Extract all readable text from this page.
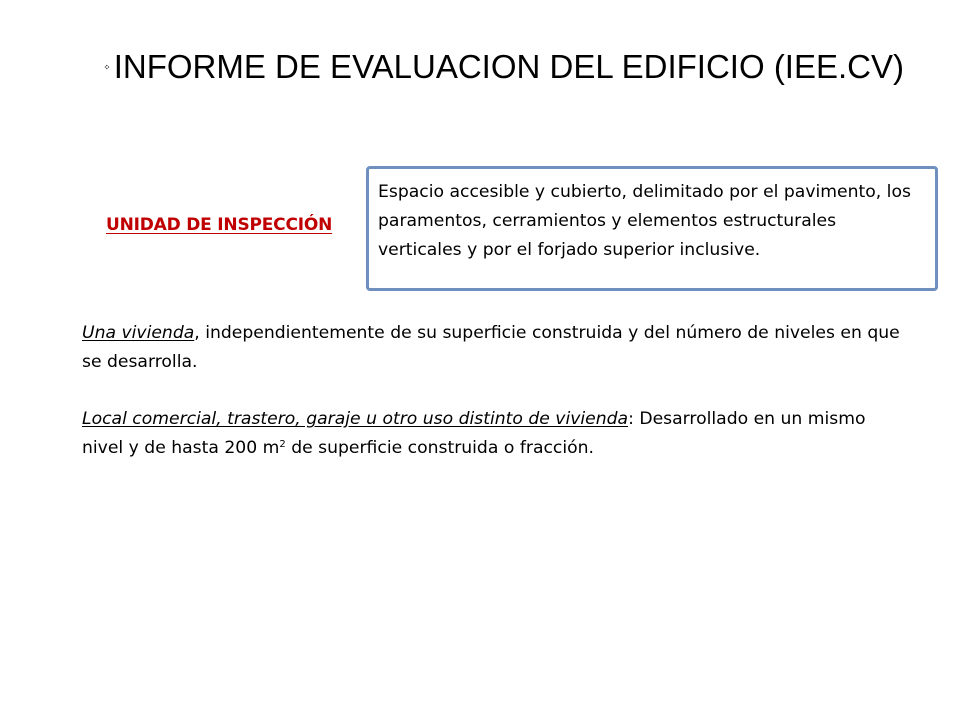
INFORME DE EVALUACION DEL EDIFICIO (IEE.CV)
UNIDAD DE INSPECCIÓN
Espacio accesible y cubierto, delimitado por el pavimento, los paramentos, cerramientos y elementos estructurales verticales y por el forjado superior inclusive.
Una vivienda, independientemente de su superficie construida y del número de niveles en que se desarrolla.
Local comercial, trastero, garaje u otro uso distinto de vivienda: Desarrollado en un mismo nivel y de hasta 200 $m^2$ de superficie construida o fracción.
